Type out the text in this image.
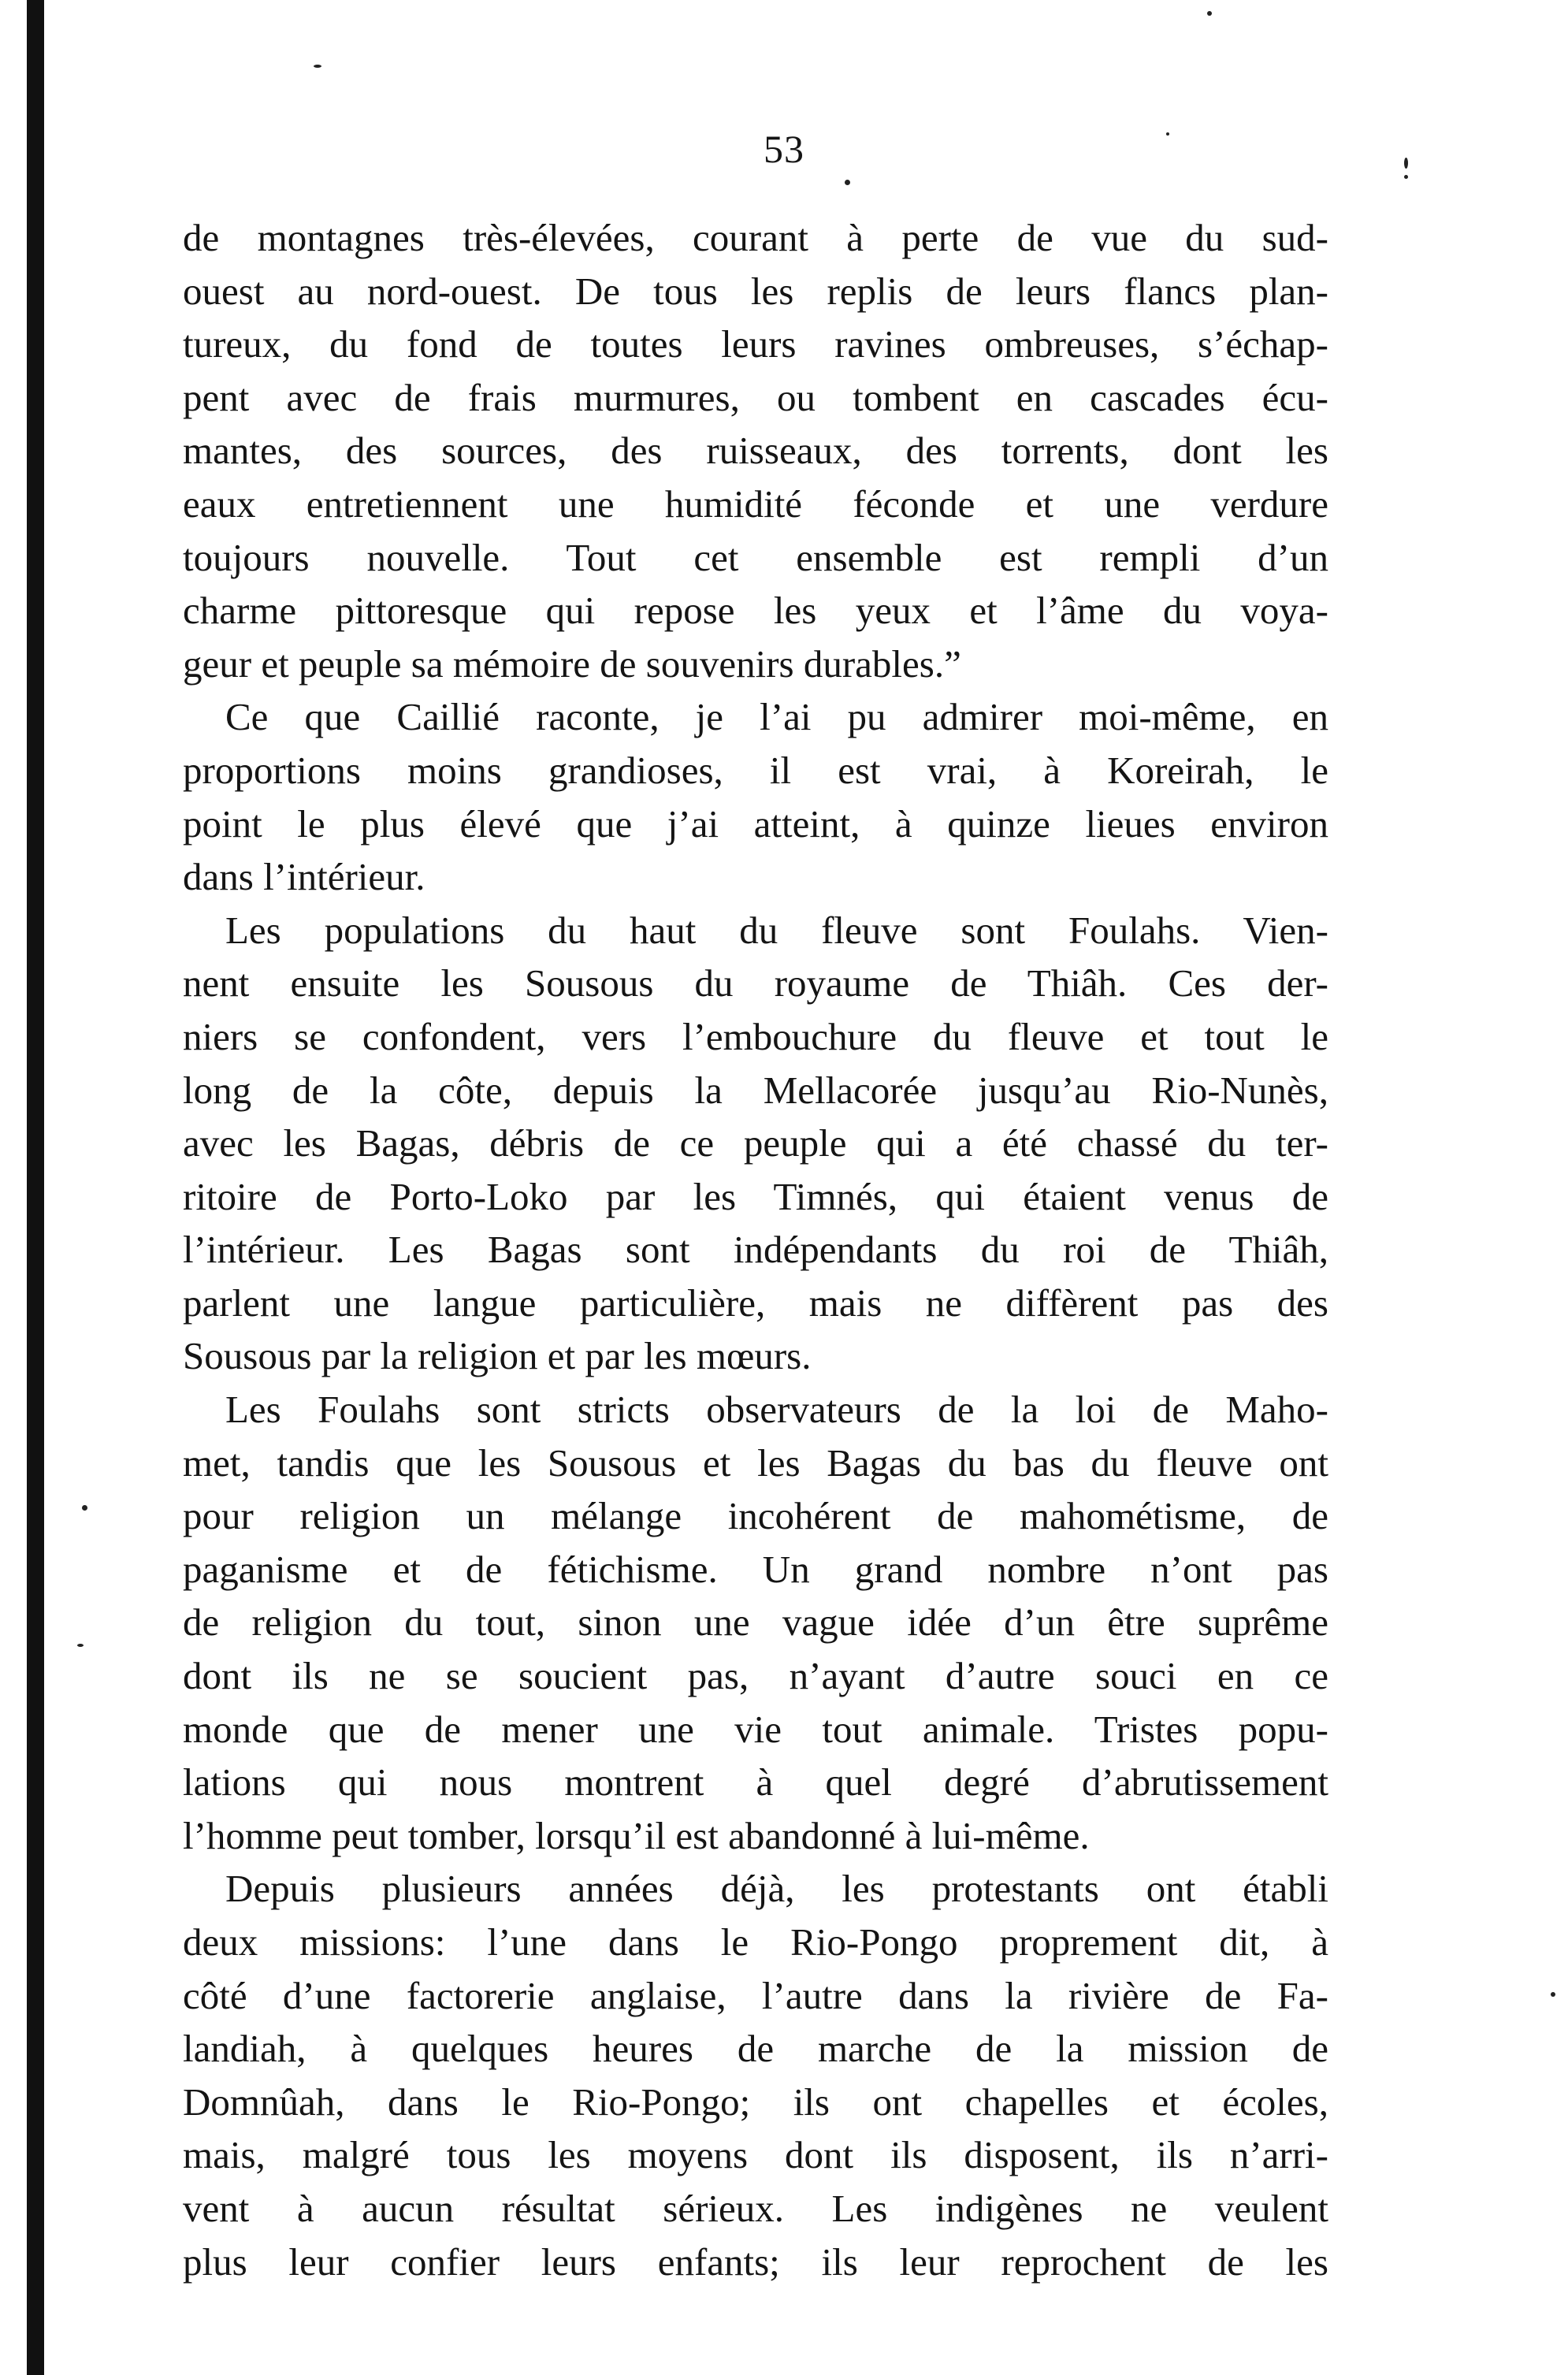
53
de montagnes très-élevées, courant à perte de vue du sud-
ouest au nord-ouest. De tous les replis de leurs flancs plan-
tureux, du fond de toutes leurs ravines ombreuses, s’échap-
pent avec de frais murmures, ou tombent en cascades écu-
mantes, des sources, des ruisseaux, des torrents, dont les
eaux entretiennent une humidité féconde et une verdure
toujours nouvelle. Tout cet ensemble est rempli d’un
charme pittoresque qui repose les yeux et l’âme du voya-
geur et peuple sa mémoire de souvenirs durables.”
Ce que Caillié raconte, je l’ai pu admirer moi-même, en
proportions moins grandioses, il est vrai, à Koreirah, le
point le plus élevé que j’ai atteint, à quinze lieues environ
dans l’intérieur.
Les populations du haut du fleuve sont Foulahs. Vien-
nent ensuite les Sousous du royaume de Thiâh. Ces der-
niers se confondent, vers l’embouchure du fleuve et tout le
long de la côte, depuis la Mellacorée jusqu’au Rio-Nunès,
avec les Bagas, débris de ce peuple qui a été chassé du ter-
ritoire de Porto-Loko par les Timnés, qui étaient venus de
l’intérieur. Les Bagas sont indépendants du roi de Thiâh,
parlent une langue particulière, mais ne diffèrent pas des
Sousous par la religion et par les mœurs.
Les Foulahs sont stricts observateurs de la loi de Maho-
met, tandis que les Sousous et les Bagas du bas du fleuve ont
pour religion un mélange incohérent de mahométisme, de
paganisme et de fétichisme. Un grand nombre n’ont pas
de religion du tout, sinon une vague idée d’un être suprême
dont ils ne se soucient pas, n’ayant d’autre souci en ce
monde que de mener une vie tout animale. Tristes popu-
lations qui nous montrent à quel degré d’abrutissement
l’homme peut tomber, lorsqu’il est abandonné à lui-même.
Depuis plusieurs années déjà, les protestants ont établi
deux missions: l’une dans le Rio-Pongo proprement dit, à
côté d’une factorerie anglaise, l’autre dans la rivière de Fa-
landiah, à quelques heures de marche de la mission de
Domnûah, dans le Rio-Pongo; ils ont chapelles et écoles,
mais, malgré tous les moyens dont ils disposent, ils n’arri-
vent à aucun résultat sérieux. Les indigènes ne veulent
plus leur confier leurs enfants; ils leur reprochent de les
